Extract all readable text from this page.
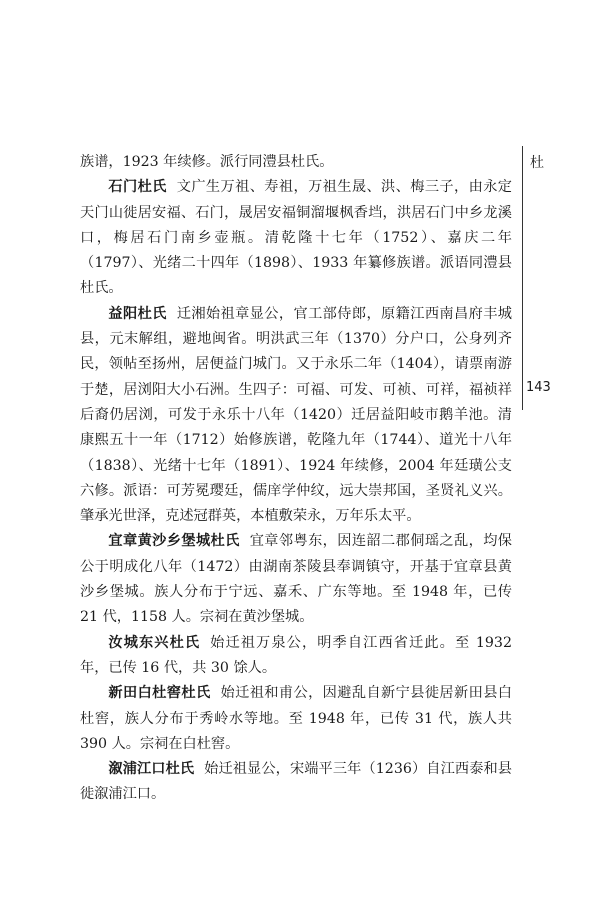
杜
143

族谱，1923 年续修。派行同澧县杜氏。

石门杜氏 文广生万祖、寿祖，万祖生晟、洪、梅三子，由永定天门山徙居安福、石门，晟居安福铜溜堰枫香垱，洪居石门中乡龙溪口，梅居石门南乡壶瓶。清乾隆十七年（1752）、嘉庆二年（1797）、光绪二十四年（1898）、1933 年纂修族谱。派语同澧县杜氏。

益阳杜氏 迁湘始祖章显公，官工部侍郎，原籍江西南昌府丰城县，元末解组，避地闽省。明洪武三年（1370）分户口，公身列齐民，领帖至扬州，居便益门城门。又于永乐二年（1404），请票南游于楚，居浏阳大小石洲。生四子：可福、可发、可祯、可祥，福祯祥后裔仍居浏，可发于永乐十八年（1420）迁居益阳岐市鹅羊池。清康熙五十一年（1712）始修族谱，乾隆九年（1744）、道光十八年（1838）、光绪十七年（1891）、1924 年续修，2004 年廷璜公支六修。派语：可芳冕璎廷，儒庠学仲纹，远大崇邦国，圣贤礼义兴。肇承光世泽，克述冠群英，本植敷荣永，万年乐太平。

宜章黄沙乡堡城杜氏 宜章邻粤东，因连韶二郡侗瑶之乱，均保公于明成化八年（1472）由湖南茶陵县奉调镇守，开基于宜章县黄沙乡堡城。族人分布于宁远、嘉禾、广东等地。至 1948 年，已传 21 代，1158 人。宗祠在黄沙堡城。

汝城东兴杜氏 始迁祖万泉公，明季自江西省迁此。至 1932 年，已传 16 代，共 30 馀人。

新田白杜窖杜氏 始迁祖和甫公，因避乱自新宁县徙居新田县白杜窖，族人分布于秀岭水等地。至 1948 年，已传 31 代，族人共 390 人。宗祠在白杜窖。

溆浦江口杜氏 始迁祖显公，宋端平三年（1236）自江西泰和县徙溆浦江口。
